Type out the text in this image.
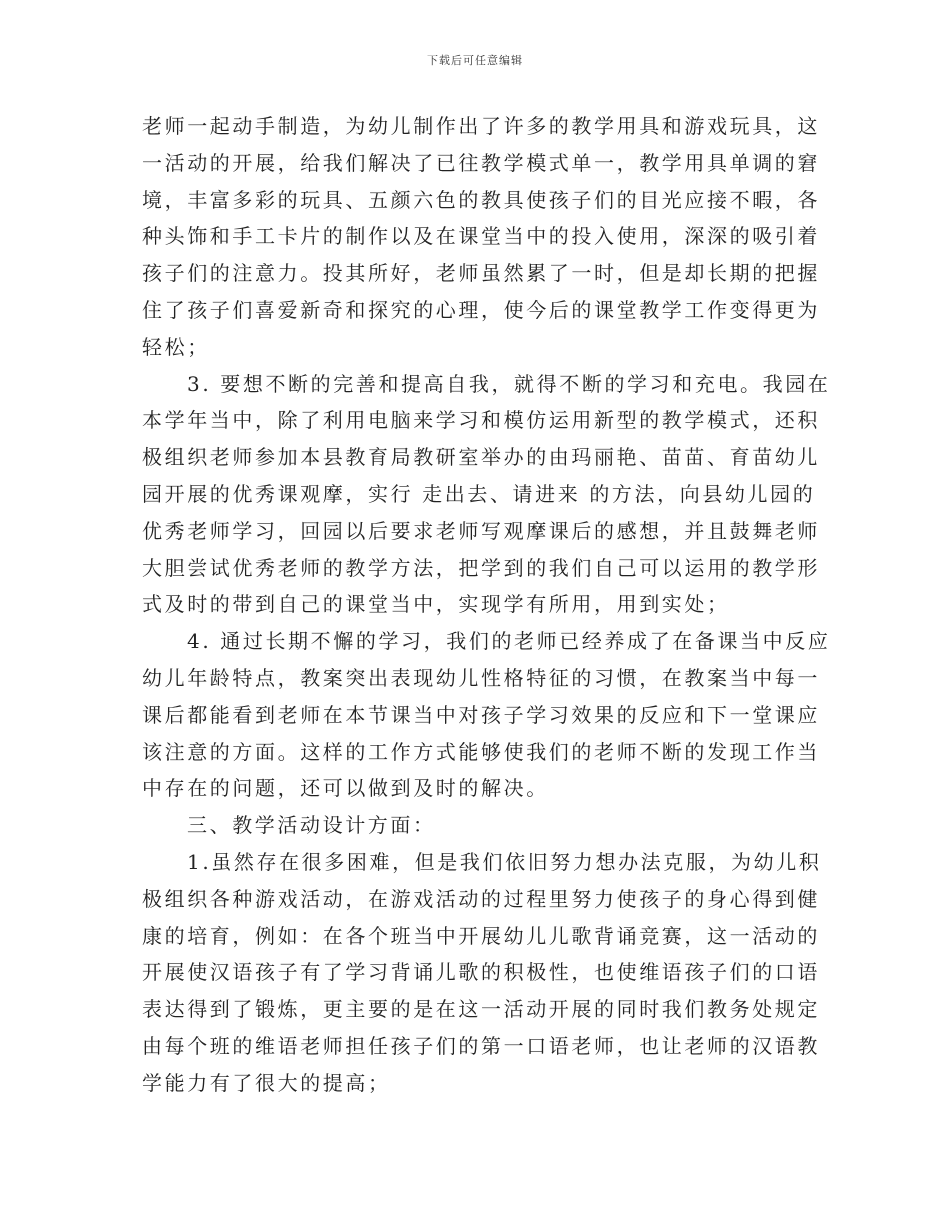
下载后可任意编辑
老师一起动手制造，为幼儿制作出了许多的教学用具和游戏玩具，这
一活动的开展，给我们解决了已往教学模式单一，教学用具单调的窘
境，丰富多彩的玩具、五颜六色的教具使孩子们的目光应接不暇，各
种头饰和手工卡片的制作以及在课堂当中的投入使用，深深的吸引着
孩子们的注意力。投其所好，老师虽然累了一时，但是却长期的把握
住了孩子们喜爱新奇和探究的心理，使今后的课堂教学工作变得更为
轻松；
3. 要想不断的完善和提高自我，就得不断的学习和充电。我园在
本学年当中，除了利用电脑来学习和模仿运用新型的教学模式，还积
极组织老师参加本县教育局教研室举办的由玛丽艳、苗苗、育苗幼儿
园开展的优秀课观摩，实行 走出去、请进来 的方法，向县幼儿园的
优秀老师学习，回园以后要求老师写观摩课后的感想，并且鼓舞老师
大胆尝试优秀老师的教学方法，把学到的我们自己可以运用的教学形
式及时的带到自己的课堂当中，实现学有所用，用到实处；
4. 通过长期不懈的学习，我们的老师已经养成了在备课当中反应
幼儿年龄特点，教案突出表现幼儿性格特征的习惯，在教案当中每一
课后都能看到老师在本节课当中对孩子学习效果的反应和下一堂课应
该注意的方面。这样的工作方式能够使我们的老师不断的发现工作当
中存在的问题，还可以做到及时的解决。
三、教学活动设计方面：
1.虽然存在很多困难，但是我们依旧努力想办法克服，为幼儿积
极组织各种游戏活动，在游戏活动的过程里努力使孩子的身心得到健
康的培育，例如：在各个班当中开展幼儿儿歌背诵竞赛，这一活动的
开展使汉语孩子有了学习背诵儿歌的积极性，也使维语孩子们的口语
表达得到了锻炼，更主要的是在这一活动开展的同时我们教务处规定
由每个班的维语老师担任孩子们的第一口语老师，也让老师的汉语教
学能力有了很大的提高；
